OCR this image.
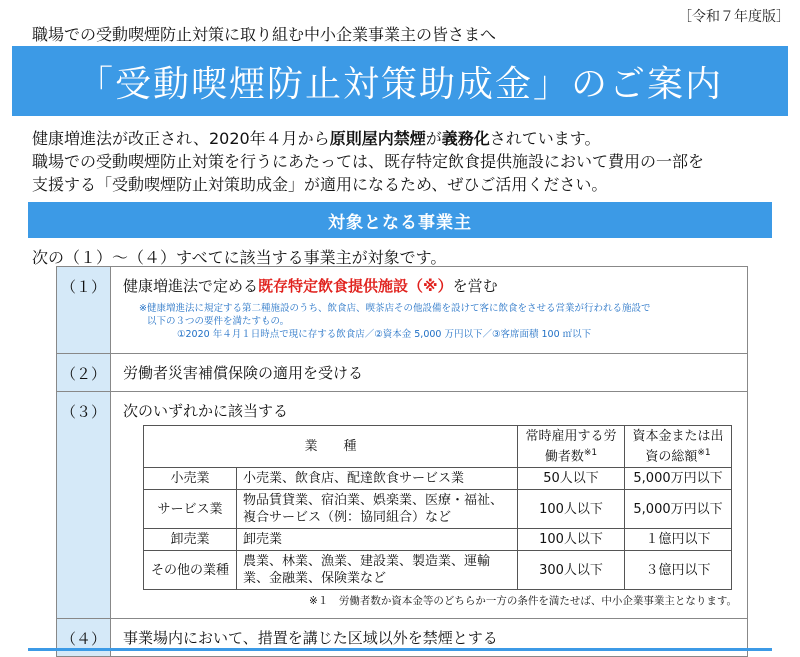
［令和７年度版］
職場での受動喫煙防止対策に取り組む中小企業事業主の皆さまへ
「受動喫煙防止対策助成金」のご案内

健康増進法が改正され、2020年４月から原則屋内禁煙が義務化されています。

職場での受動喫煙防止対策を行うにあたっては、既存特定飲食提供施設において費用の一部を

支援する「受動喫煙防止対策助成金」が適用になるため、ぜひご活用ください。

対象となる事業主
次の（１）～（４）すべてに該当する事業主が対象です。
（１）	健康増進法で定める既存特定飲食提供施設（※）を営む
※健康増進法に規定する第二種施設のうち、飲食店、喫茶店その他設備を設けて客に飲食をさせる営業が行われる施設で
以下の３つの要件を満たすもの。
①2020 年４月１日時点で現に存する飲食店／②資本金 5,000 万円以下／③客席面積 100 ㎡以下
（２）	労働者災害補償保険の適用を受ける
（３）	次のいずれかに該当する
業　　種		常時雇用する労働者数$^{※1}$	資本金または出資の総額$^{※1}$
小売業	小売業、飲食店、配達飲食サービス業	50人以下	5,000万円以下
サービス業	物品賃貸業、宿泊業、娯楽業、医療・福祉、複合サービス（例：協同組合）など	100人以下	5,000万円以下
卸売業	卸売業	100人以下	１億円以下
その他の業種	農業、林業、漁業、建設業、製造業、運輸業、金融業、保険業など	300人以下	３億円以下
※１　労働者数か資本金等のどちらか一方の条件を満たせば、中小企業事業主となります。
（４）	事業場内において、措置を講じた区域以外を禁煙とする
